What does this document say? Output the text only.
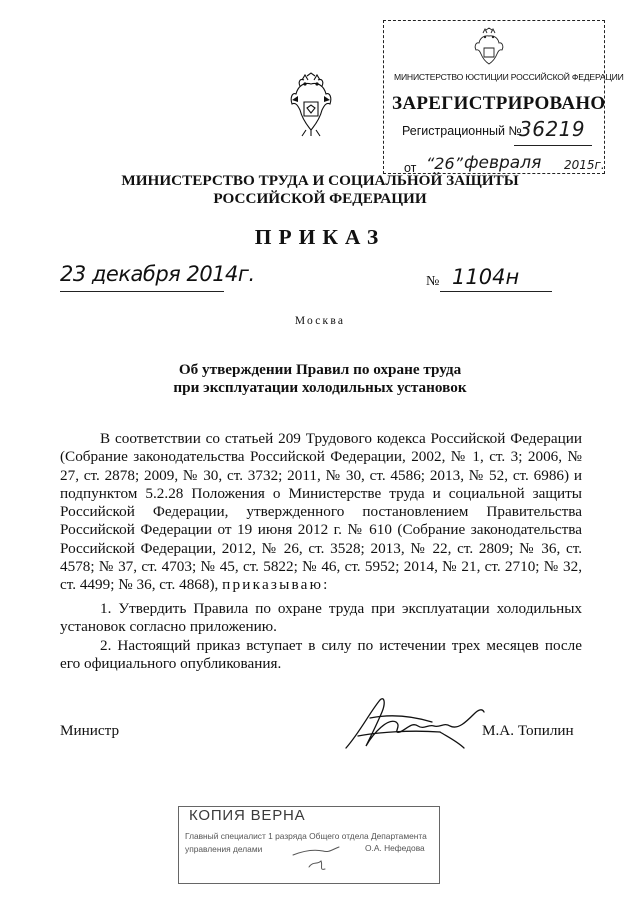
МИНИСТЕРСТВО ЮСТИЦИИ РОССИЙСКОЙ ФЕДЕРАЦИИ
ЗАРЕГИСТРИРОВАНО
Регистрационный №
36219
от “26” февраля 2015г.
МИНИСТЕРСТВО ТРУДА И СОЦИАЛЬНОЙ ЗАЩИТЫ
РОССИЙСКОЙ ФЕДЕРАЦИИ
ПРИКАЗ
23 декабря 2014г.	№ 1104н
Москва
Об утверждении Правил по охране труда
при эксплуатации холодильных установок

В соответствии со статьей 209 Трудового кодекса Российской Федерации (Собрание законодательства Российской Федерации, 2002, № 1, ст. 3; 2006, № 27, ст. 2878; 2009, № 30, ст. 3732; 2011, № 30, ст. 4586; 2013, № 52, ст. 6986) и подпунктом 5.2.28 Положения о Министерстве труда и социальной защиты Российской Федерации, утвержденного постановлением Правительства Российской Федерации от 19 июня 2012 г. № 610 (Собрание законодательства Российской Федерации, 2012, № 26, ст. 3528; 2013, № 22, ст. 2809; № 36, ст. 4578; № 37, ст. 4703; № 45, ст. 5822; № 46, ст. 5952; 2014, № 21, ст. 2710; № 32, ст. 4499; № 36, ст. 4868), приказываю:

1. Утвердить Правила по охране труда при эксплуатации холодильных установок согласно приложению.

2. Настоящий приказ вступает в силу по истечении трех месяцев после его официального опубликования.

Министр	М.А. Топилин
КОПИЯ ВЕРНА
Главный специалист 1 разряда Общего отдела Департамента
управления делами	О.А. Нефедова
